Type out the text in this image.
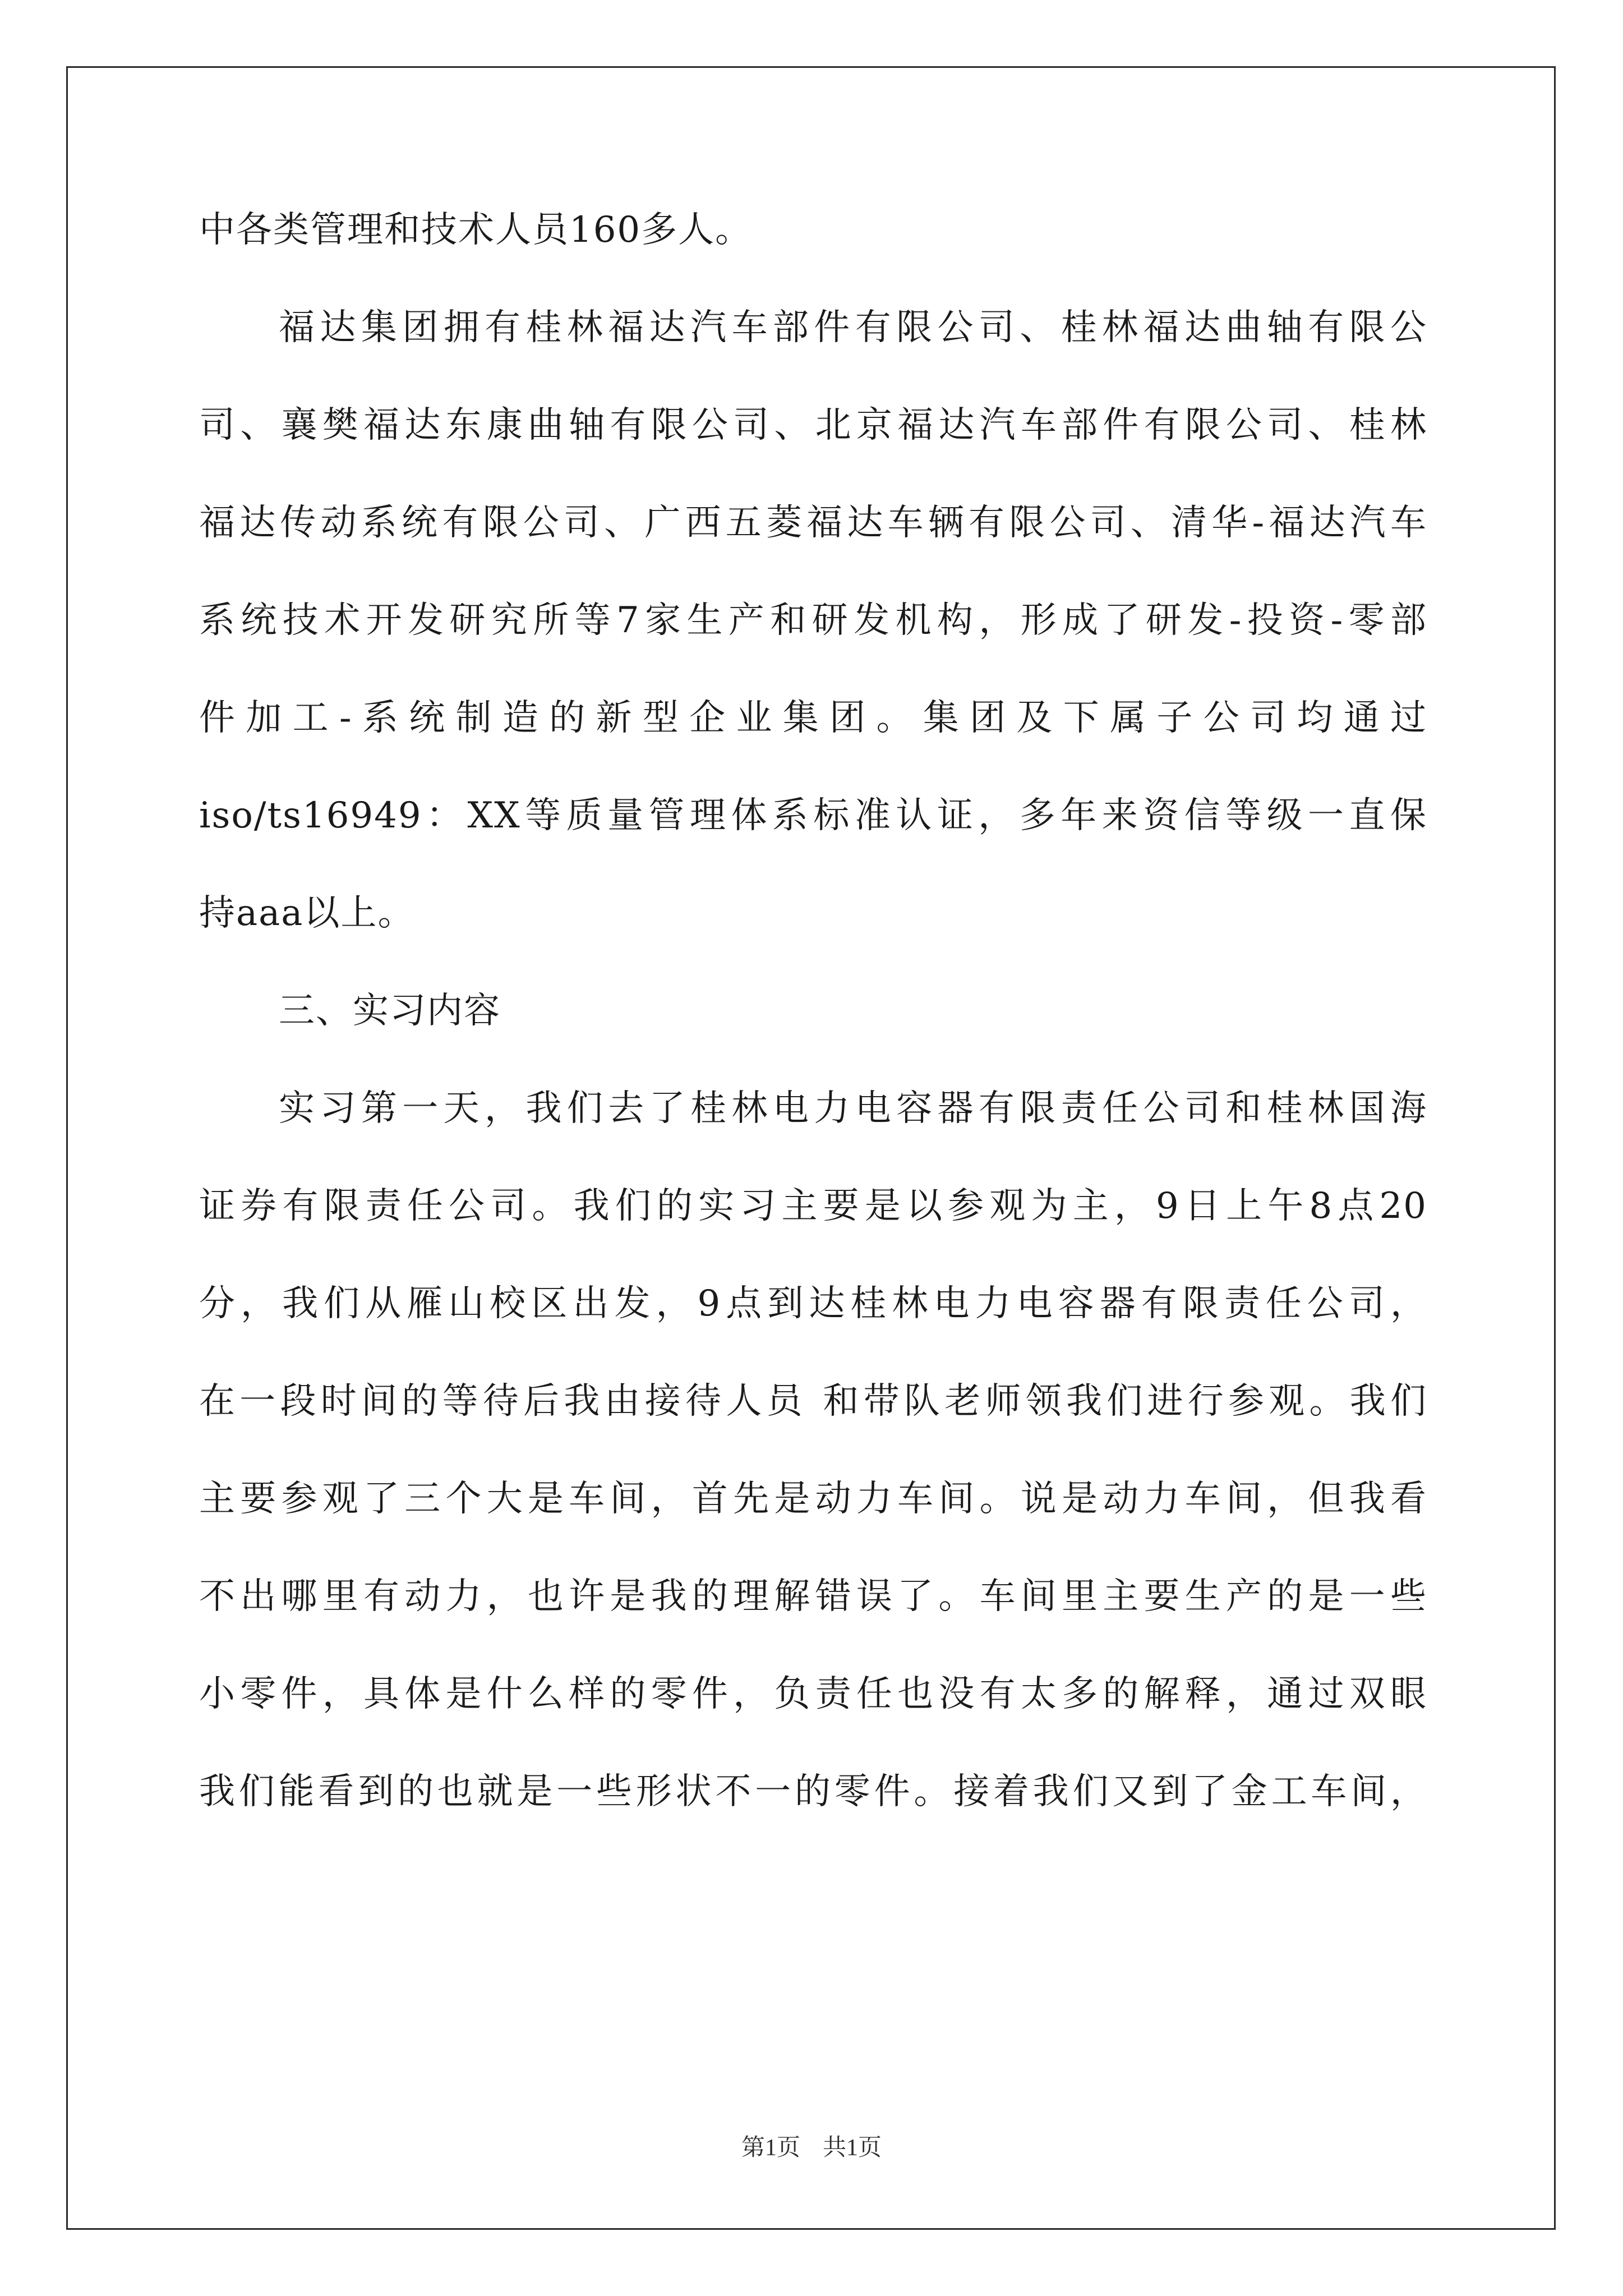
中各类管理和技术人员160多人。
福达集团拥有桂林福达汽车部件有限公司、桂林福达曲轴有限公
司、襄樊福达东康曲轴有限公司、北京福达汽车部件有限公司、桂林
福达传动系统有限公司、广西五菱福达车辆有限公司、清华-福达汽车
系统技术开发研究所等7家生产和研发机构，形成了研发-投资-零部
件加工-系统制造的新型企业集团。集团及下属子公司均通过
iso/ts16949：XX等质量管理体系标准认证，多年来资信等级一直保
持aaa以上。
三、实习内容
实习第一天，我们去了桂林电力电容器有限责任公司和桂林国海
证券有限责任公司。我们的实习主要是以参观为主，9日上午8点20
分，我们从雁山校区出发，9点到达桂林电力电容器有限责任公司，
在一段时间的等待后我由接待人员 和带队老师领我们进行参观。我们
主要参观了三个大是车间，首先是动力车间。说是动力车间，但我看
不出哪里有动力，也许是我的理解错误了。车间里主要生产的是一些
小零件，具体是什么样的零件，负责任也没有太多的解释，通过双眼
我们能看到的也就是一些形状不一的零件。接着我们又到了金工车间，
第1页 共1页
